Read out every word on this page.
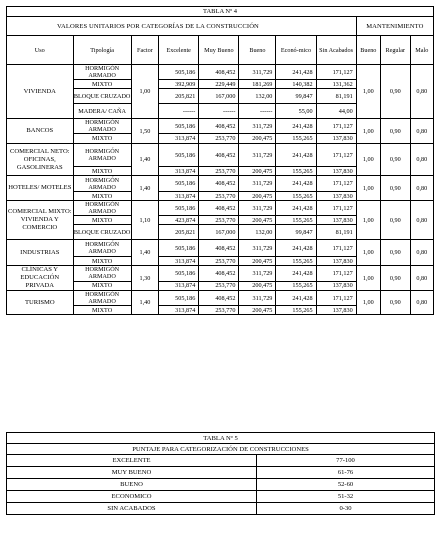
TABLA Nº 4										
VALORES UNITARIOS POR CATEGORÍAS DE LA CONSTRUCCIÓN								MANTENIMIENTO		
Uso	Tipología	Factor	Excelente	Muy Bueno	Bueno	Econó-mico	Sin Acabados	Bueno	Regular	Malo
VIVIENDA	HORMIGÓN ARMADO	1,00	505,186	408,452	311,729	241,428	171,127	1,00	0,90	0,80
	MIXTO		392,909	229,449	181,269	140,382	131,362			
	BLOQUE CRUZADO		205,821	167,000	132,00	99,847	81,191			
	MADERA/ CAÑA		------	------	------	55,00	44,00			
BANCOS	HORMIGÓN ARMADO	1,50	505,186	408,452	311,729	241,428	171,127	1,00	0,90	0,80
	MIXTO		313,874	253,770	200,475	155,265	137,830			
COMERCIAL NETO: OFICINAS, GASOLINERAS	HORMIGÓN ARMADO	1,40	505,186	408,452	311,729	241,428	171,127	1,00	0,90	0,80
	MIXTO		313,874	253,770	200,475	155,265	137,830			
HOTELES/ MOTELES	HORMIGÓN ARMADO	1,40	505,186	408,452	311,729	241,428	171,127	1,00	0,90	0,80
	MIXTO		313,874	253,770	200,475	155,265	137,830			
COMERCIAL MIXTO: VIVIENDA Y COMERCIO	HORMIGÓN ARMADO	1,10	505,186	408,452	311,729	241,428	171,127	1,00	0,90	0,80
	MIXTO		423,874	253,770	200,475	155,265	137,830			
	BLOQUE CRUZADO		205,821	167,000	132,00	99,847	81,191			
INDUSTRIAS	HORMIGÓN ARMADO	1,40	505,186	408,452	311,729	241,428	171,127	1,00	0,90	0,80
	MIXTO		313,874	253,770	200,475	155,265	137,830			
CLÍNICAS Y EDUCACIÓN PRIVADA	HORMIGÓN ARMADO	1,30	505,186	408,452	311,729	241,428	171,127	1,00	0,90	0,80
	MIXTO		313,874	253,770	200,475	155,265	137,830			
TURISMO	HORMIGÓN ARMADO	1,40	505,186	408,452	311,729	241,428	171,127	1,00	0,90	0,80
	MIXTO		313,874	253,770	200,475	155,265	137,830			
TABLA Nº 5	
PUNTAJE PARA CATEGORIZACIÓN DE CONSTRUCCIONES	
EXCELENTE	77-100
MUY BUENO	61-76
BUENO	52-60
ECONOMICO	51-32
SIN ACABADOS	0-30
